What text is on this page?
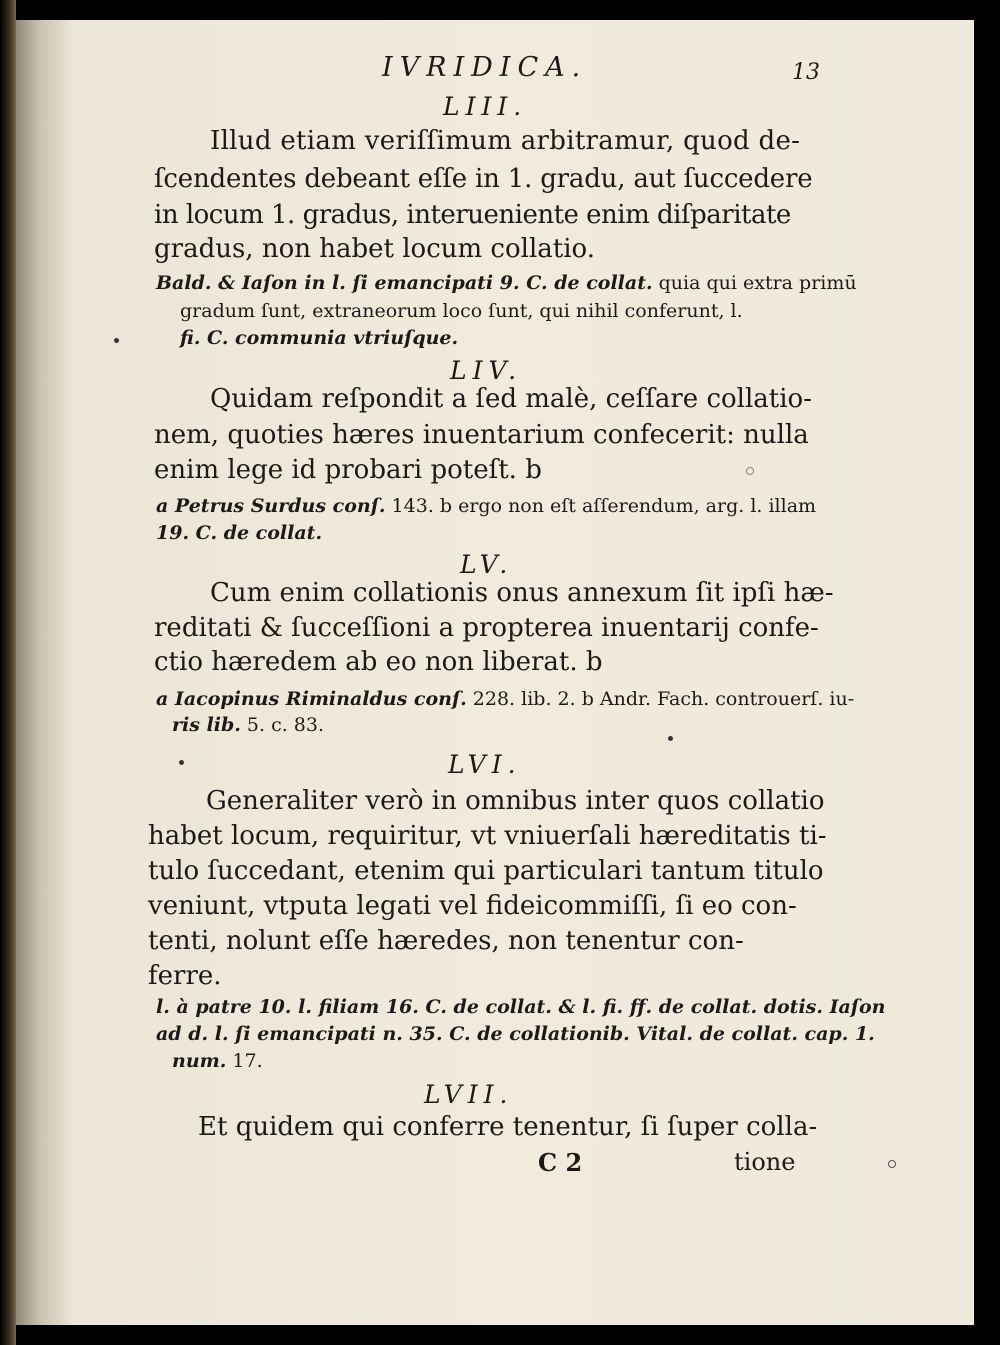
IVRIDICA.	13
LIII.
Illud etiam veriſſimum arbitramur, quod de-
ſcendentes debeant eſſe in 1. gradu, aut ſuccedere
in locum 1. gradus, interueniente enim diſparitate
gradus, non habet locum collatio.
Bald. & Iaſon in l. ſi emancipati 9. C. de collat. quia qui extra primū
gradum ſunt, extraneorum loco ſunt, qui nihil conferunt, l.
fi. C. communia vtriuſque.
LIV.
Quidam reſpondit a ſed malè, ceſſare collatio-
nem, quoties hæres inuentarium confecerit: nulla
enim lege id probari poteſt. b
a Petrus Surdus conſ. 143. b ergo non eſt aſſerendum, arg. l. illam
19. C. de collat.
LV.
Cum enim collationis onus annexum ſit ipſi hæ-
reditati & ſucceſſioni a propterea inuentarij confe-
ctio hæredem ab eo non liberat. b
a Iacopinus Riminaldus conſ. 228. lib. 2. b Andr. Fach. controuerſ. iu-
ris lib. 5. c. 83.
LVI.
Generaliter verò in omnibus inter quos collatio
habet locum, requiritur, vt vniuerſali hæreditatis ti-
tulo ſuccedant, etenim qui particulari tantum titulo
veniunt, vtputa legati vel fideicommiſſi, ſi eo con-
tenti, nolunt eſſe hæredes, non tenentur con-
ferre.
l. à patre 10. l. filiam 16. C. de collat. & l. fi. ff. de collat. dotis. Iaſon
ad d. l. ſi emancipati n. 35. C. de collationib. Vital. de collat. cap. 1.
num. 17.
LVII.
Et quidem qui conferre tenentur, ſi ſuper colla-
C 2	tione
